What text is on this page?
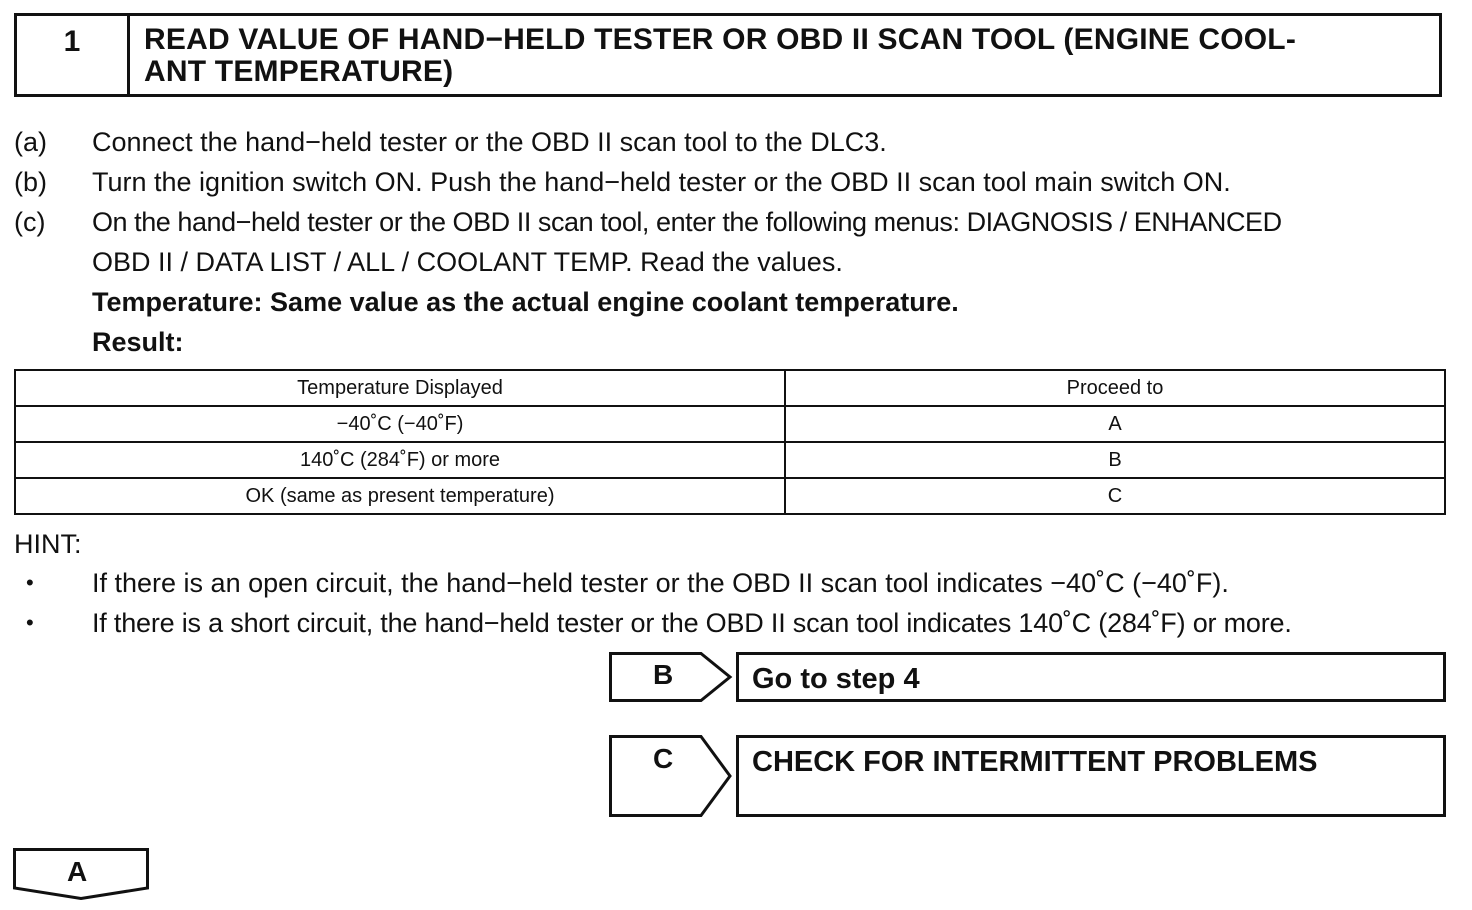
1	READ VALUE OF HAND−HELD TESTER OR OBD II SCAN TOOL (ENGINE COOL-
ANT TEMPERATURE)
(a)	Connect the hand−held tester or the OBD II scan tool to the DLC3.
(b)	Turn the ignition switch ON. Push the hand−held tester or the OBD II scan tool main switch ON.
(c)	On the hand−held tester or the OBD II scan tool, enter the following menus: DIAGNOSIS / ENHANCED
OBD II / DATA LIST / ALL / COOLANT TEMP. Read the values.
Temperature: Same value as the actual engine coolant temperature.
Result:
Temperature Displayed	Proceed to
−40˚C (−40˚F)	A
140˚C (284˚F) or more	B
OK (same as present temperature)	C
HINT:
• If there is an open circuit, the hand−held tester or the OBD II scan tool indicates −40˚C (−40˚F).
• If there is a short circuit, the hand−held tester or the OBD II scan tool indicates 140˚C (284˚F) or more.
B	Go to step 4
C	CHECK FOR INTERMITTENT PROBLEMS
A
